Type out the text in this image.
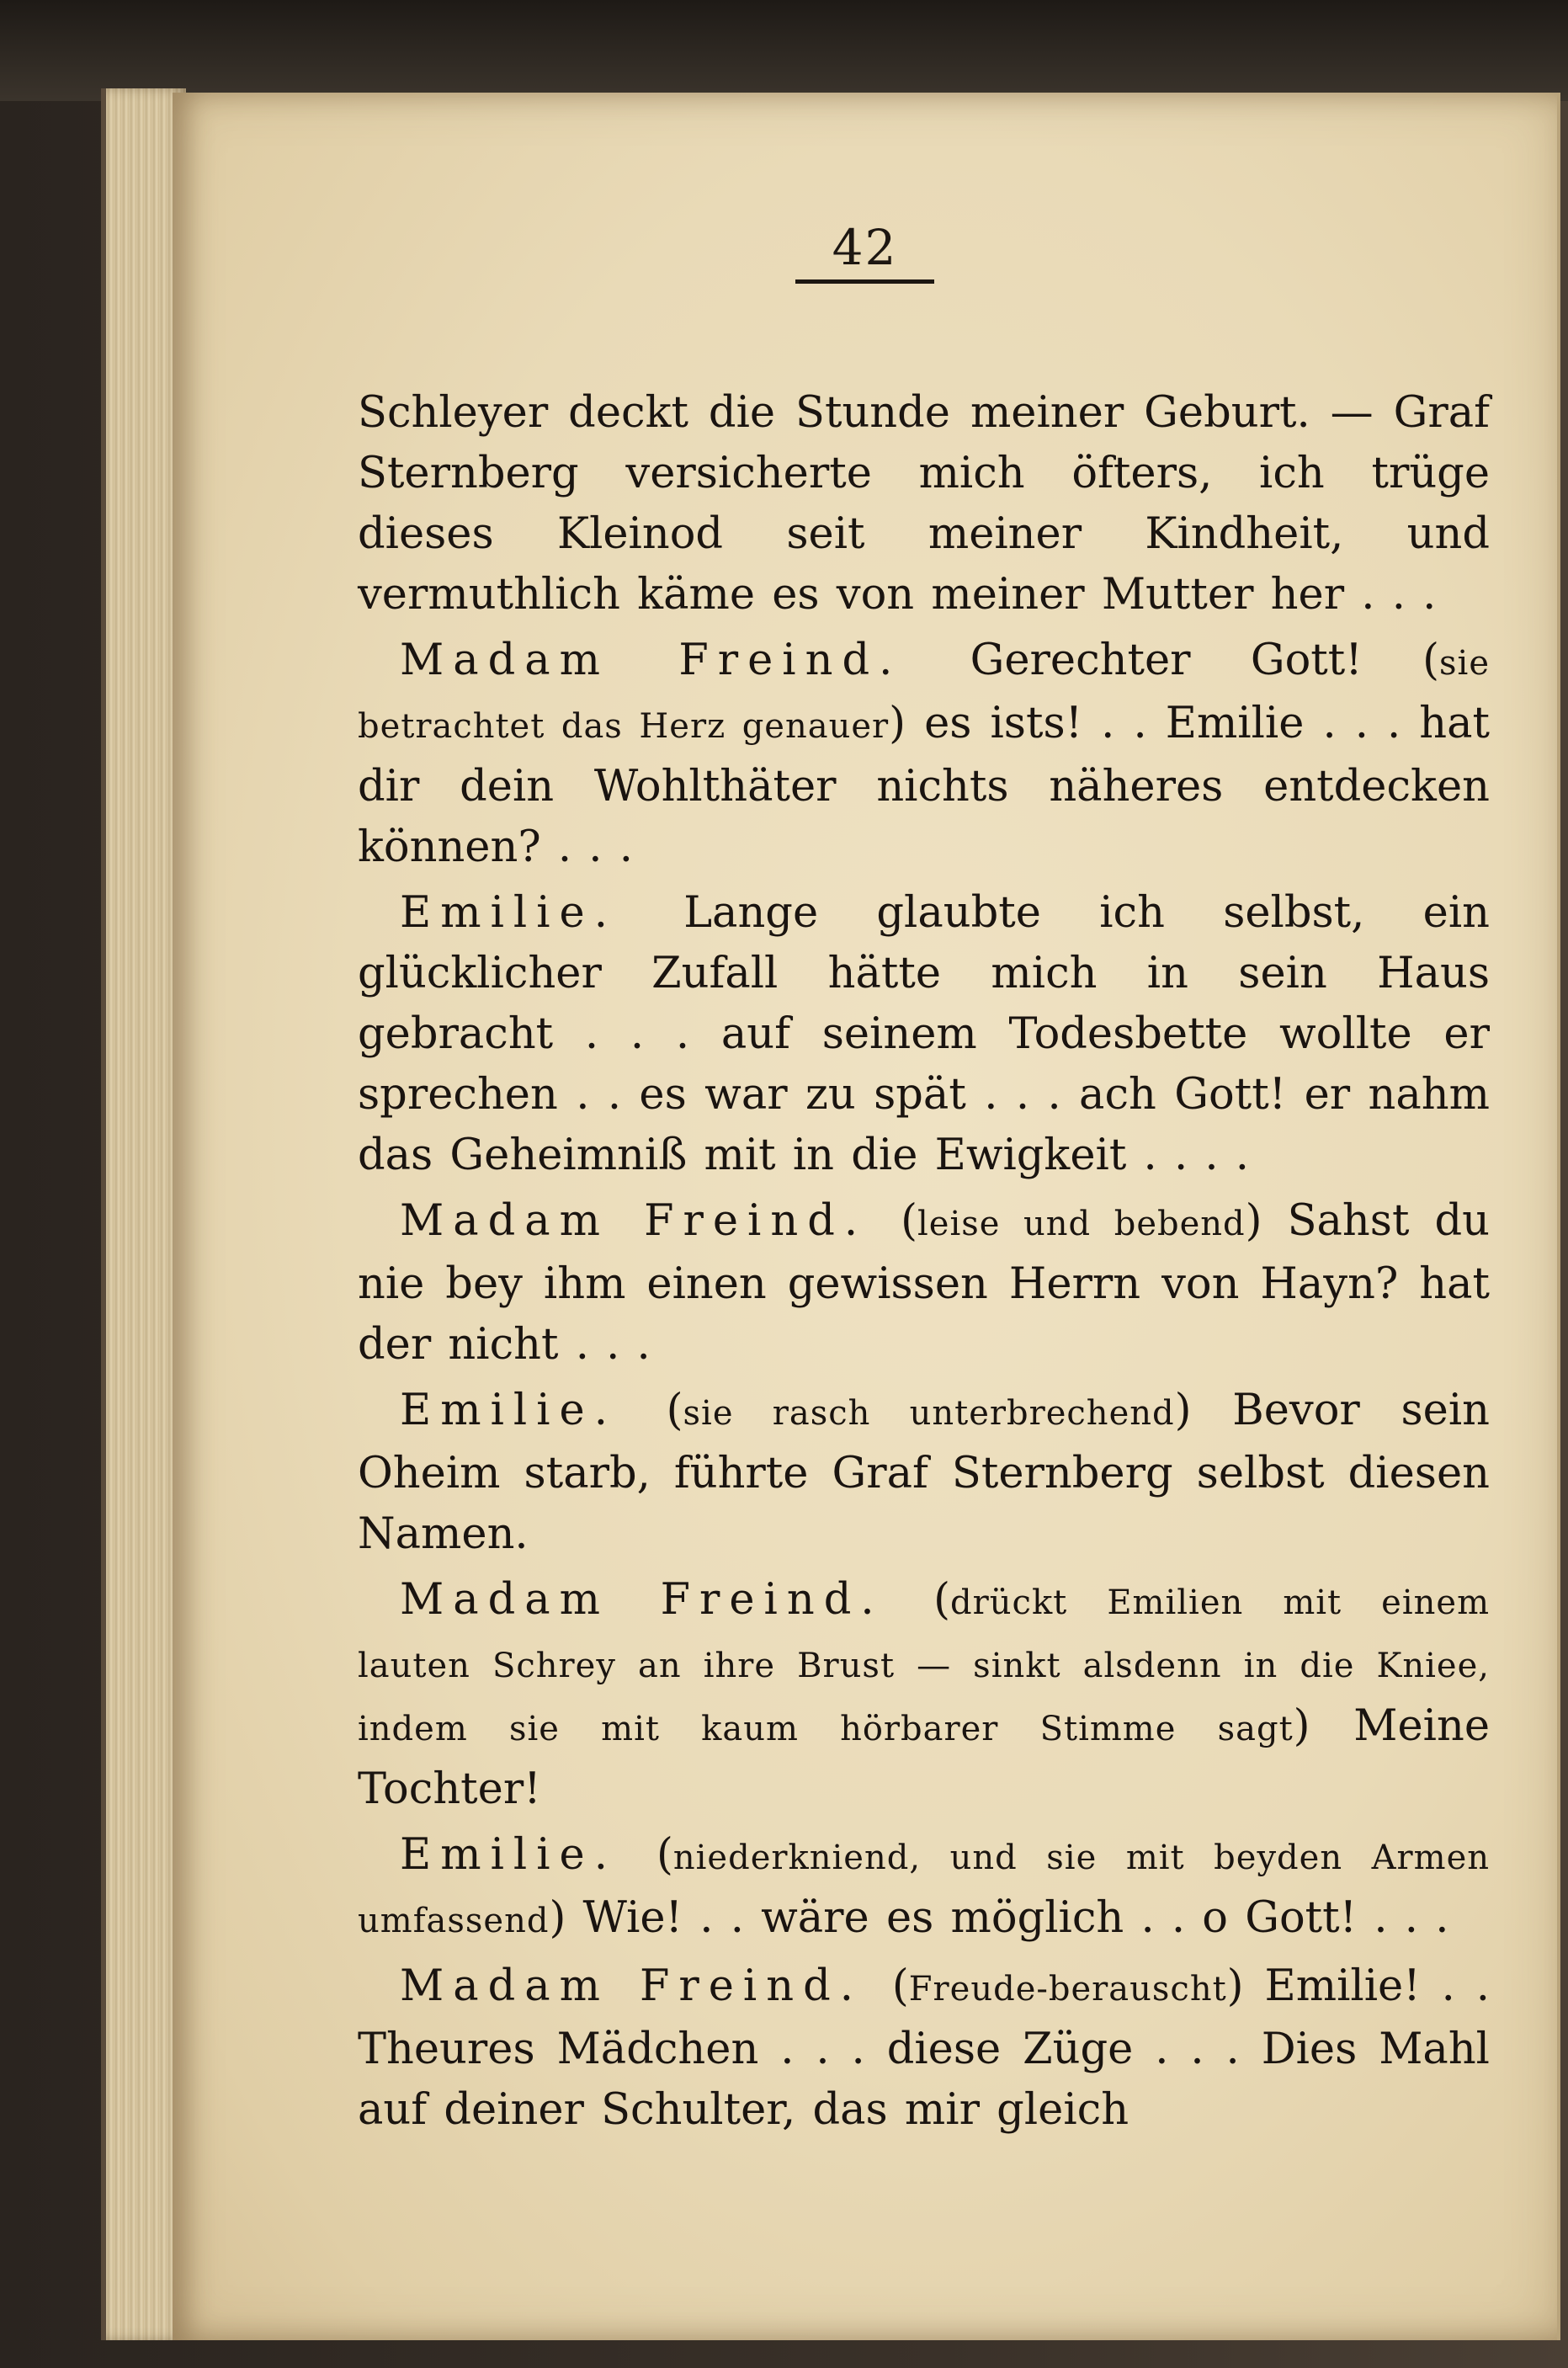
42

Schleyer deckt die Stunde meiner Geburt. — Graf Sternberg versicherte mich öfters, ich trüge dieses Kleinod seit meiner Kindheit, und vermuthlich käme es von meiner Mutter her . . .

Madam Freind. Gerechter Gott! (sie betrachtet das Herz genauer) es ists! . . Emilie . . . hat dir dein Wohlthäter nichts näheres entdecken können? . . .

Emilie. Lange glaubte ich selbst, ein glücklicher Zufall hätte mich in sein Haus gebracht . . . auf seinem Todesbette wollte er sprechen . . es war zu spät . . . ach Gott! er nahm das Geheimniß mit in die Ewigkeit . . . .

Madam Freind. (leise und bebend) Sahst du nie bey ihm einen gewissen Herrn von Hayn? hat der nicht . . .

Emilie. (sie rasch unterbrechend) Bevor sein Oheim starb, führte Graf Sternberg selbst diesen Namen.

Madam Freind. (drückt Emilien mit einem lauten Schrey an ihre Brust — sinkt alsdenn in die Kniee, indem sie mit kaum hörbarer Stimme sagt) Meine Tochter!

Emilie. (niederkniend, und sie mit beyden Armen umfassend) Wie! . . wäre es möglich . . o Gott! . . .

Madam Freind. (Freude-berauscht) Emilie! . . Theures Mädchen . . . diese Züge . . . Dies Mahl auf deiner Schulter, das mir gleich
